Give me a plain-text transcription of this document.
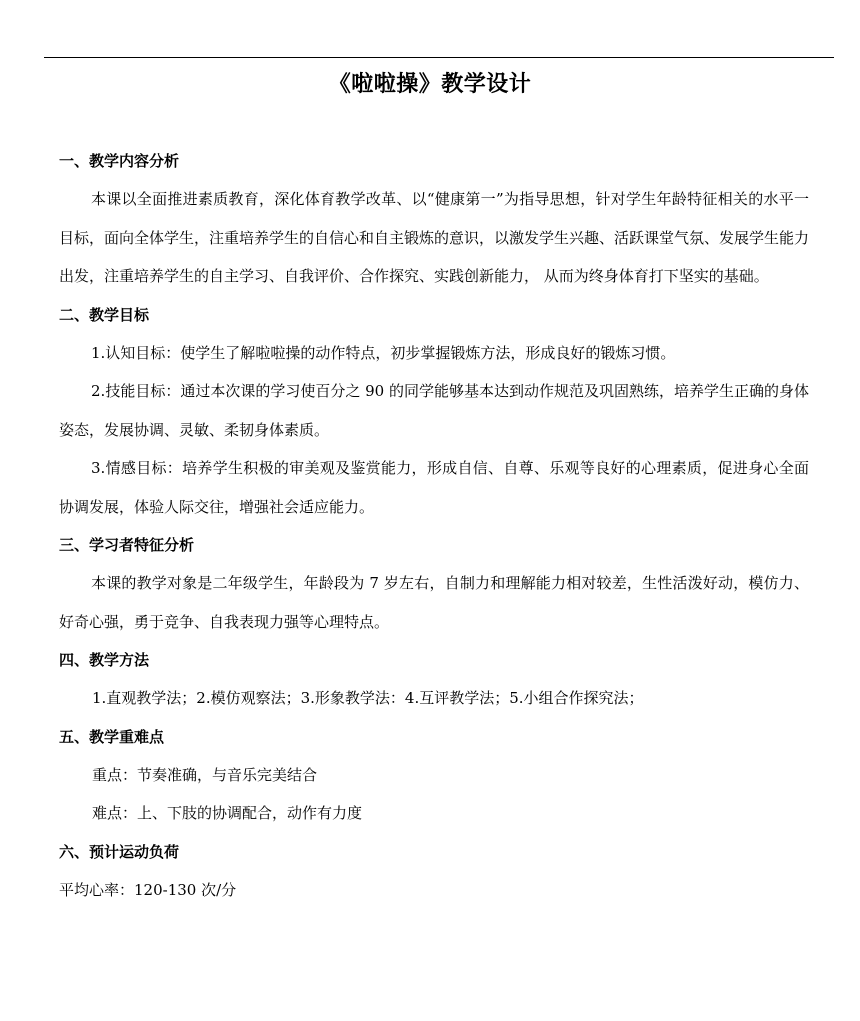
《啦啦操》教学设计
一、教学内容分析

本课以全面推进素质教育，深化体育教学改革、以“健康第一”为指导思想，针对学生年龄特征相关的水平一目标，面向全体学生，注重培养学生的自信心和自主锻炼的意识，以激发学生兴趣、活跃课堂气氛、发展学生能力出发，注重培养学生的自主学习、自我评价、合作探究、实践创新能力， 从而为终身体育打下坚实的基础。

二、教学目标

1.认知目标：使学生了解啦啦操的动作特点，初步掌握锻炼方法，形成良好的锻炼习惯。

2.技能目标：通过本次课的学习使百分之 90 的同学能够基本达到动作规范及巩固熟练，培养学生正确的身体姿态，发展协调、灵敏、柔韧身体素质。

3.情感目标：培养学生积极的审美观及鉴赏能力，形成自信、自尊、乐观等良好的心理素质，促进身心全面协调发展，体验人际交往，增强社会适应能力。

三、学习者特征分析

本课的教学对象是二年级学生，年龄段为 7 岁左右，自制力和理解能力相对较差，生性活泼好动，模仿力、好奇心强，勇于竞争、自我表现力强等心理特点。

四、教学方法
1.直观教学法；2.模仿观察法；3.形象教学法：4.互评教学法；5.小组合作探究法；
五、教学重难点
重点：节奏准确，与音乐完美结合
难点：上、下肢的协调配合，动作有力度
六、预计运动负荷
平均心率：120-130 次/分
